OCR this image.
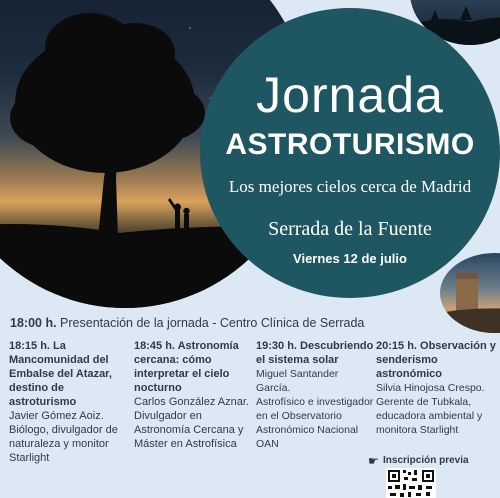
Jornada
ASTROTURISMO
Los mejores cielos cerca de Madrid
Serrada de la Fuente
Viernes 12 de julio
18:00 h. Presentación de la jornada - Centro Clínica de Serrada
18:15 h. La Mancomunidad del Embalse del Atazar, destino de astroturismo
Javier Gómez Aoiz.
Biólogo, divulgador de naturaleza y monitor Starlight
18:45 h. Astronomía cercana: cómo interpretar el cielo nocturno
Carlos González Aznar.
Divulgador en Astronomía Cercana y Máster en Astrofísica
19:30 h. Descubriendo el sistema solar
Miguel Santander García.
Astrofísico e investigador en el Observatorio Astronómico Nacional OAN
20:15 h. Observación y senderismo astronómico
Silvia Hinojosa Crespo.
Gerente de Tubkala, educadora ambiental y monitora Starlight
☛ Inscripción previa
